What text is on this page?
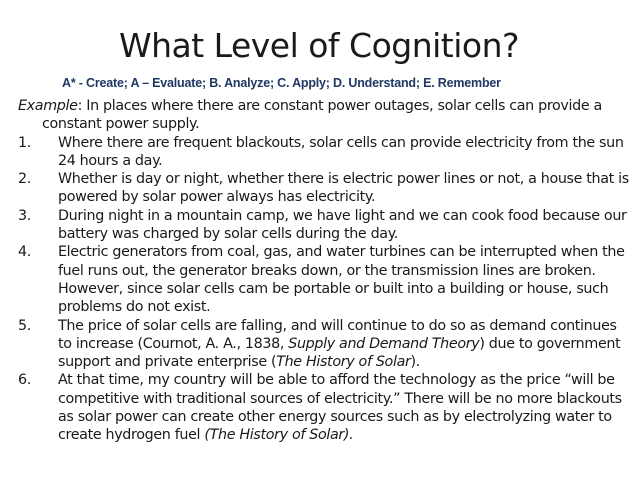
What Level of Cognition?
A* - Create; A – Evaluate; B. Analyze; C. Apply; D. Understand; E. Remember

Example: In places where there are constant power outages, solar cells can provide a constant power supply.

1. Where there are frequent blackouts, solar cells can provide electricity from the sun 24 hours a day.
2. Whether is day or night, whether there is electric power lines or not, a house that is powered by solar power always has electricity.
3. During night in a mountain camp, we have light and we can cook food because our battery was charged by solar cells during the day.
4. Electric generators from coal, gas, and water turbines can be interrupted when the fuel runs out, the generator breaks down, or the transmission lines are broken. However, since solar cells cam be portable or built into a building or house, such problems do not exist.
5. The price of solar cells are falling, and will continue to do so as demand continues to increase (Cournot, A. A., 1838, Supply and Demand Theory) due to government support and private enterprise (The History of Solar).
6. At that time, my country will be able to afford the technology as the price “will be competitive with traditional sources of electricity.” There will be no more blackouts as solar power can create other energy sources such as by electrolyzing water to create hydrogen fuel (The History of Solar).
